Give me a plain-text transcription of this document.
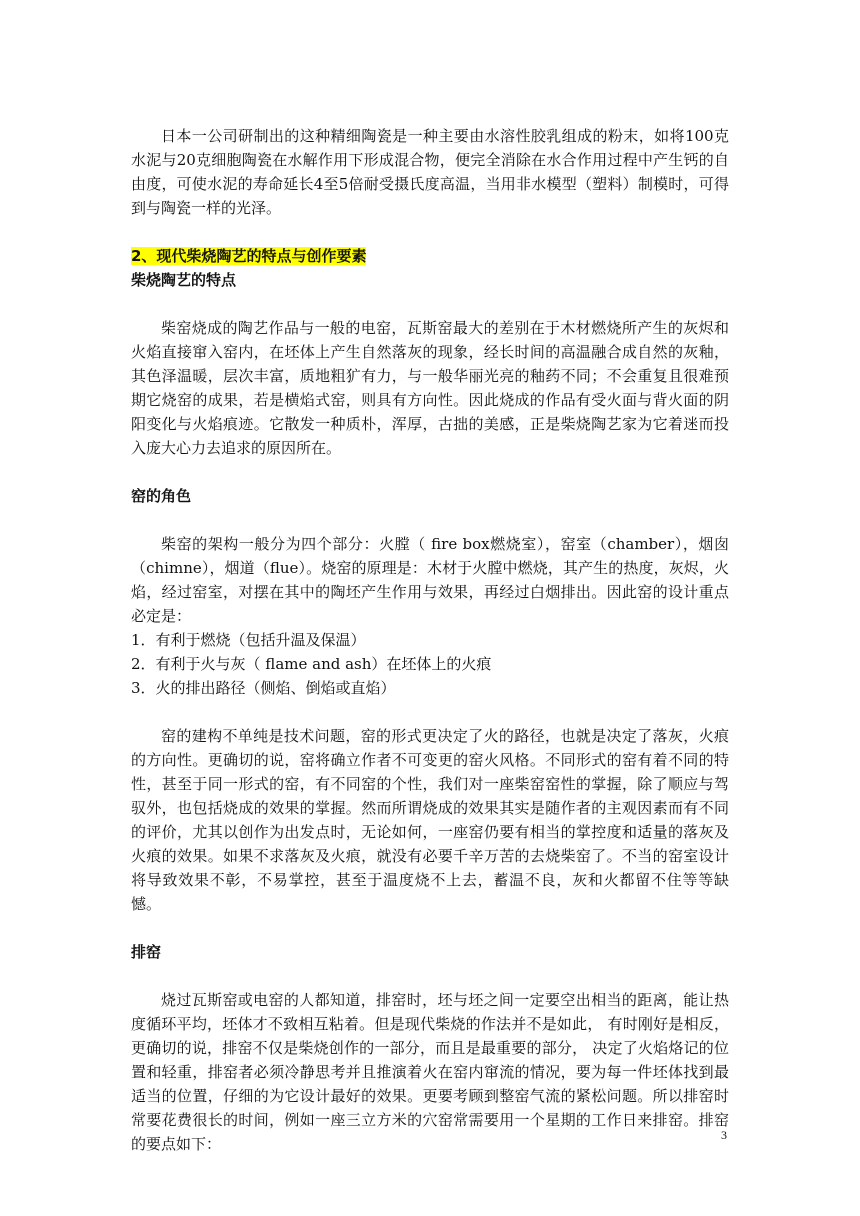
日本一公司研制出的这种精细陶瓷是一种主要由水溶性胶乳组成的粉末，如将100克水泥与20克细胞陶瓷在水解作用下形成混合物，便完全消除在水合作用过程中产生钙的自由度，可使水泥的寿命延长4至5倍耐受摄氏度高温，当用非水模型（塑料）制模时，可得到与陶瓷一样的光泽。

2、现代柴烧陶艺的特点与创作要素

柴烧陶艺的特点

柴窑烧成的陶艺作品与一般的电窑，瓦斯窑最大的差别在于木材燃烧所产生的灰烬和火焰直接窜入窑内，在坯体上产生自然落灰的现象，经长时间的高温融合成自然的灰釉，其色泽温暖，层次丰富，质地粗犷有力，与一般华丽光亮的釉药不同；不会重复且很难预期它烧窑的成果，若是横焰式窑，则具有方向性。因此烧成的作品有受火面与背火面的阴阳变化与火焰痕迹。它散发一种质朴，浑厚，古拙的美感，正是柴烧陶艺家为它着迷而投入庞大心力去追求的原因所在。

窑的角色

柴窑的架构一般分为四个部分：火膛（ fire box燃烧室），窑室（chamber），烟囱（chimne），烟道（flue）。烧窑的原理是：木材于火膛中燃烧，其产生的热度，灰烬，火焰，经过窑室，对摆在其中的陶坯产生作用与效果，再经过白烟排出。因此窑的设计重点必定是：

1．有利于燃烧（包括升温及保温）

2．有利于火与灰（ flame and ash）在坯体上的火痕

3．火的排出路径（侧焰、倒焰或直焰）

窑的建构不单纯是技术问题，窑的形式更决定了火的路径，也就是决定了落灰，火痕的方向性。更确切的说，窑将确立作者不可变更的窑火风格。不同形式的窑有着不同的特性，甚至于同一形式的窑，有不同窑的个性，我们对一座柴窑窑性的掌握，除了顺应与驾驭外，也包括烧成的效果的掌握。然而所谓烧成的效果其实是随作者的主观因素而有不同的评价，尤其以创作为出发点时，无论如何，一座窑仍要有相当的掌控度和适量的落灰及火痕的效果。如果不求落灰及火痕，就没有必要千辛万苦的去烧柴窑了。不当的窑室设计将导致效果不彰，不易掌控，甚至于温度烧不上去，蓄温不良，灰和火都留不住等等缺憾。

排窑

烧过瓦斯窑或电窑的人都知道，排窑时，坯与坯之间一定要空出相当的距离，能让热度循环平均，坯体才不致相互粘着。但是现代柴烧的作法并不是如此， 有时刚好是相反，更确切的说，排窑不仅是柴烧创作的一部分，而且是最重要的部分， 决定了火焰烙记的位置和轻重，排窑者必须冷静思考并且推演着火在窑内窜流的情况，要为每一件坯体找到最适当的位置，仔细的为它设计最好的效果。更要考顾到整窑气流的紧松问题。所以排窑时常要花费很长的时间，例如一座三立方米的穴窑常需要用一个星期的工作日来排窑。排窑的要点如下：	3
